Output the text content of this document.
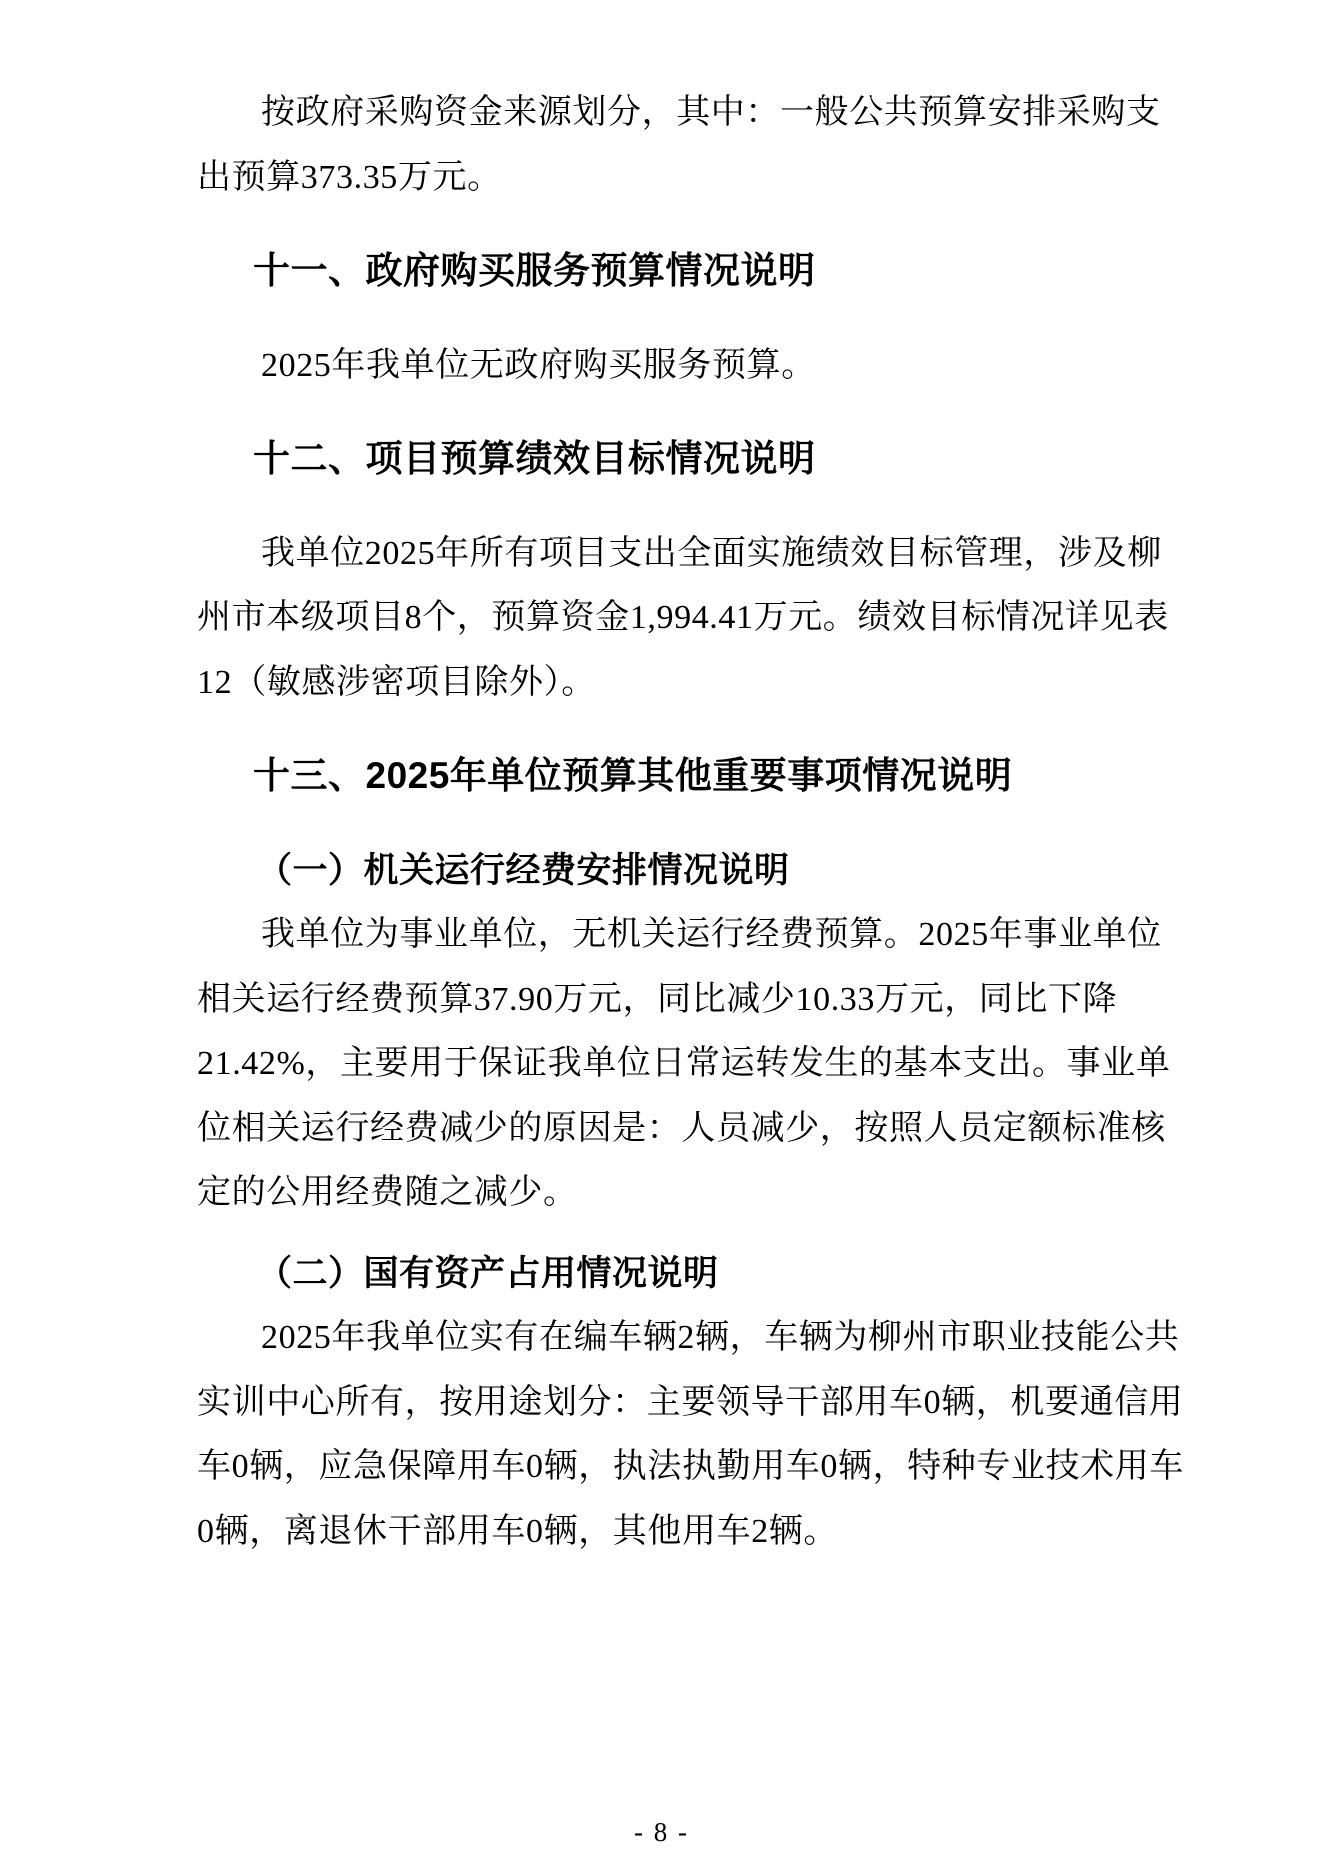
按政府采购资金来源划分，其中：一般公共预算安排采购支

出预算373.35万元。

十一、政府购买服务预算情况说明

2025年我单位无政府购买服务预算。

十二、项目预算绩效目标情况说明

我单位2025年所有项目支出全面实施绩效目标管理，涉及柳

州市本级项目8个，预算资金1,994.41万元。绩效目标情况详见表

12（敏感涉密项目除外）。

十三、2025年单位预算其他重要事项情况说明
（一）机关运行经费安排情况说明

我单位为事业单位，无机关运行经费预算。2025年事业单位

相关运行经费预算37.90万元，同比减少10.33万元，同比下降

21.42%，主要用于保证我单位日常运转发生的基本支出。事业单

位相关运行经费减少的原因是：人员减少，按照人员定额标准核

定的公用经费随之减少。

（二）国有资产占用情况说明

2025年我单位实有在编车辆2辆，车辆为柳州市职业技能公共

实训中心所有，按用途划分：主要领导干部用车0辆，机要通信用

车0辆，应急保障用车0辆，执法执勤用车0辆，特种专业技术用车

0辆，离退休干部用车0辆，其他用车2辆。

- 8 -
